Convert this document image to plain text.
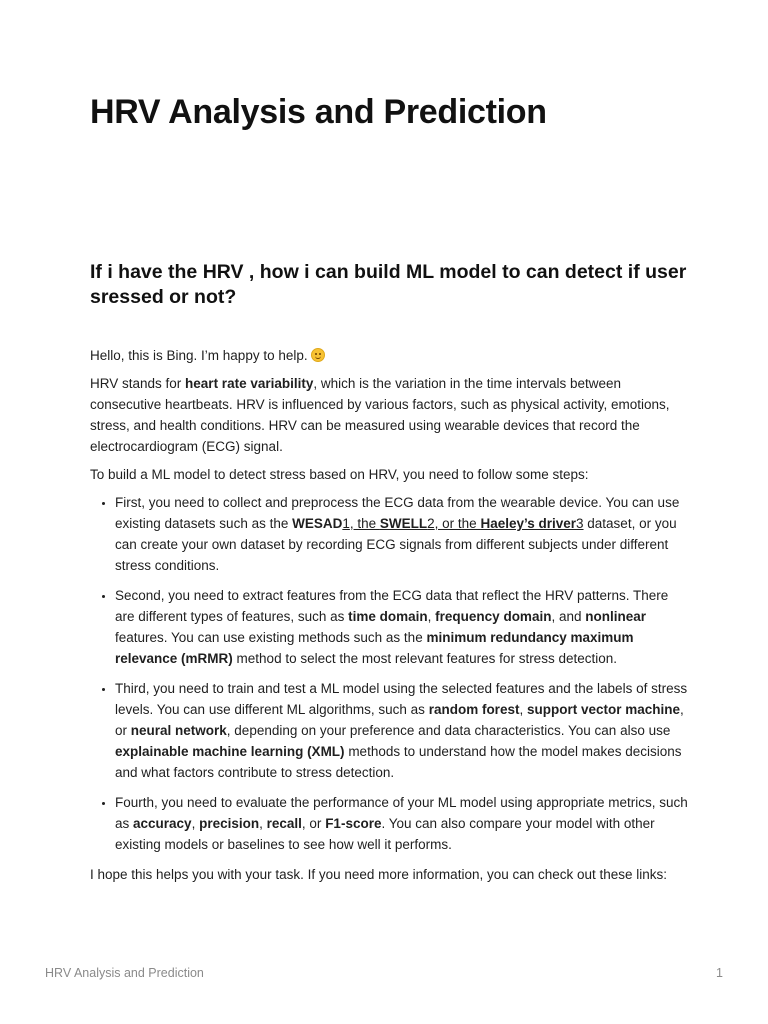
HRV Analysis and Prediction
If i have the HRV , how i can build ML model to can detect if user sressed or not?

Hello, this is Bing. I’m happy to help.

HRV stands for heart rate variability, which is the variation in the time intervals between consecutive heartbeats. HRV is influenced by various factors, such as physical activity, emotions, stress, and health conditions. HRV can be measured using wearable devices that record the electrocardiogram (ECG) signal.

To build a ML model to detect stress based on HRV, you need to follow some steps:

• First, you need to collect and preprocess the ECG data from the wearable device. You can use existing datasets such as the WESAD1, the SWELL2, or the Haeley’s driver3 dataset, or you can create your own dataset by recording ECG signals from different subjects under different stress conditions.
• Second, you need to extract features from the ECG data that reflect the HRV patterns. There are different types of features, such as time domain, frequency domain, and nonlinear features. You can use existing methods such as the minimum redundancy maximum relevance (mRMR) method to select the most relevant features for stress detection.
• Third, you need to train and test a ML model using the selected features and the labels of stress levels. You can use different ML algorithms, such as random forest, support vector machine, or neural network, depending on your preference and data characteristics. You can also use explainable machine learning (XML) methods to understand how the model makes decisions and what factors contribute to stress detection.
• Fourth, you need to evaluate the performance of your ML model using appropriate metrics, such as accuracy, precision, recall, or F1-score. You can also compare your model with other existing models or baselines to see how well it performs.

I hope this helps you with your task. If you need more information, you can check out these links:

HRV Analysis and Prediction	1
